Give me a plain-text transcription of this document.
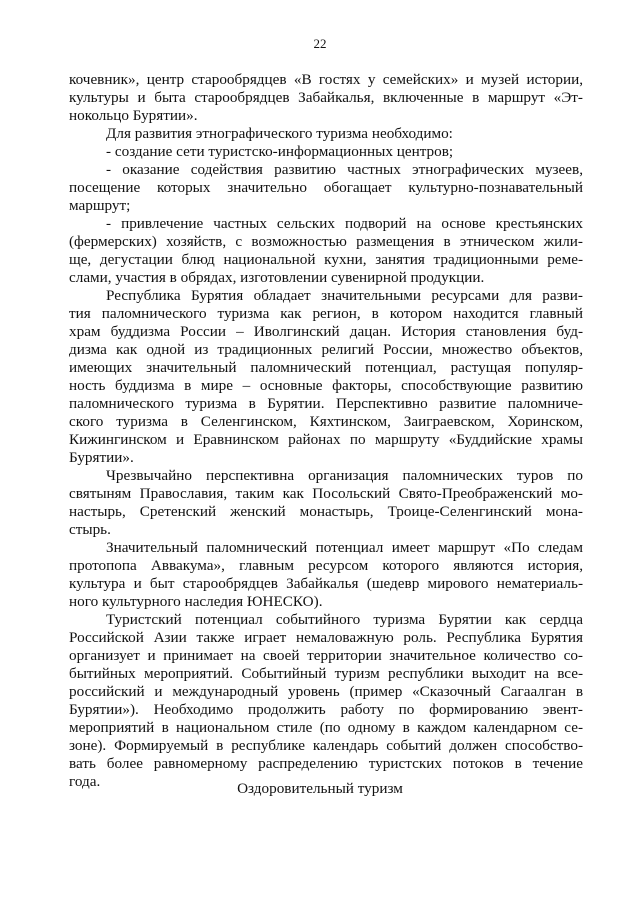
22
кочевник», центр старообрядцев «В гостях у семейских» и музей истории,
культуры и быта старообрядцев Забайкалья, включенные в маршрут «Эт-
нокольцо Бурятии».
Для развития этнографического туризма необходимо:
- создание сети туристско-информационных центров;
- оказание содействия развитию частных этнографических музеев,
посещение которых значительно обогащает культурно-познавательный
маршрут;
- привлечение частных сельских подворий на основе крестьянских
(фермерских) хозяйств, с возможностью размещения в этническом жили-
ще, дегустации блюд национальной кухни, занятия традиционными реме-
слами, участия в обрядах, изготовлении сувенирной продукции.
Республика Бурятия обладает значительными ресурсами для разви-
тия паломнического туризма как регион, в котором находится главный
храм буддизма России – Иволгинский дацан. История становления буд-
дизма как одной из традиционных религий России, множество объектов,
имеющих значительный паломнический потенциал, растущая популяр-
ность буддизма в мире – основные факторы, способствующие развитию
паломнического туризма в Бурятии. Перспективно развитие паломниче-
ского туризма в Селенгинском, Кяхтинском, Заиграевском, Хоринском,
Кижингинском и Еравнинском районах по маршруту «Буддийские храмы
Бурятии».
Чрезвычайно перспективна организация паломнических туров по
святыням Православия, таким как Посольский Свято-Преображенский мо-
настырь, Сретенский женский монастырь, Троице-Селенгинский мона-
стырь.
Значительный паломнический потенциал имеет маршрут «По следам
протопопа Аввакума», главным ресурсом которого являются история,
культура и быт старообрядцев Забайкалья (шедевр мирового нематериаль-
ного культурного наследия ЮНЕСКО).
Туристский потенциал событийного туризма Бурятии как сердца
Российской Азии также играет немаловажную роль. Республика Бурятия
организует и принимает на своей территории значительное количество со-
бытийных мероприятий. Событийный туризм республики выходит на все-
российский и международный уровень (пример «Сказочный Сагаалган в
Бурятии»). Необходимо продолжить работу по формированию эвент-
мероприятий в национальном стиле (по одному в каждом календарном се-
зоне). Формируемый в республике календарь событий должен способство-
вать более равномерному распределению туристских потоков в течение
года.	Оздоровительный туризм
